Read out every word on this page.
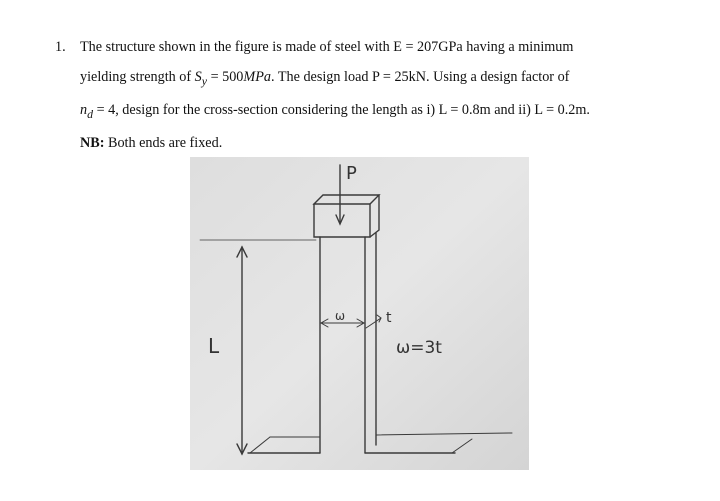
1. The structure shown in the figure is made of steel with E = 207GPa having a minimum
yielding strength of $S_y = 500MPa$. The design load P = 25kN. Using a design factor of
$n_d = 4$, design for the cross-section considering the length as i) L = 0.8m and ii) L = 0.2m.
NB: Both ends are fixed.
P
L
ω	t
ω=3t
